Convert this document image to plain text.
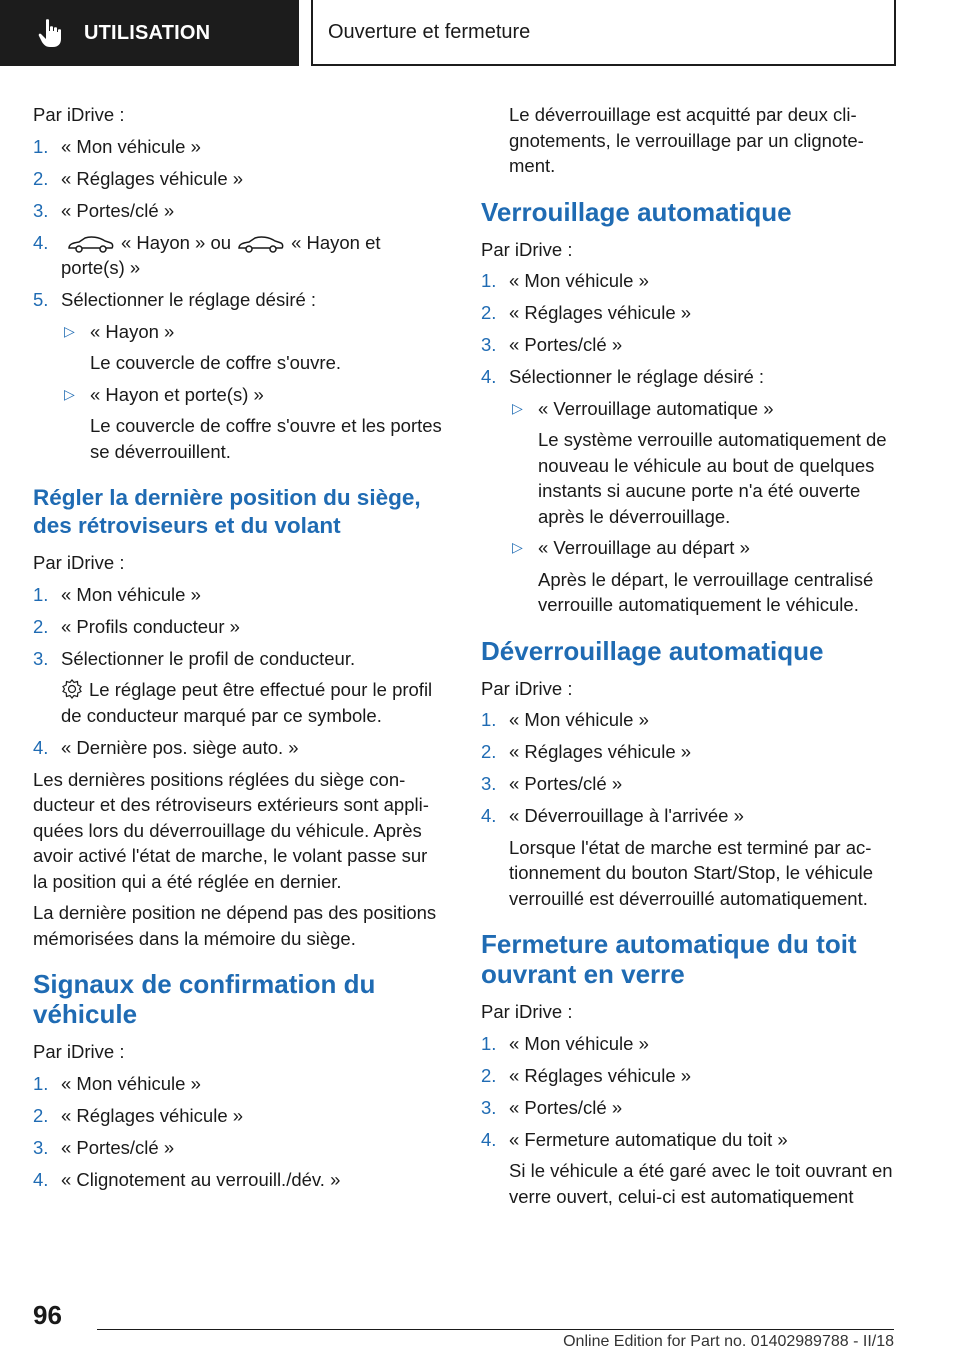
UTILISATION	Ouverture et fermeture

Par iDrive :

1. « Mon véhicule »
2. « Réglages véhicule »
3. « Portes/clé »
4.	« Hayon » ou	« Hayon et porte(s) »
5. Sélectionner le réglage désiré :
▷ « Hayon »
Le couvercle de coffre s'ouvre.
▷ « Hayon et porte(s) »
Le couvercle de coffre s'ouvre et les portes se déverrouillent.
Régler la dernière position du siège, des rétroviseurs et du volant

Par iDrive :

1. « Mon véhicule »
2. « Profils conducteur »
3. Sélectionner le profil de conducteur.
Le réglage peut être effectué pour le profil de conducteur marqué par ce symbole.
4. « Dernière pos. siège auto. »

Les dernières positions réglées du siège conducteur et des rétroviseurs extérieurs sont appliquées lors du déverrouillage du véhicule. Après avoir activé l'état de marche, le volant passe sur la position qui a été réglée en dernier.

La dernière position ne dépend pas des positions mémorisées dans la mémoire du siège.

Signaux de confirmation du véhicule

Par iDrive :

1. « Mon véhicule »
2. « Réglages véhicule »
3. « Portes/clé »
4. « Clignotement au verrouill./dév. »

Le déverrouillage est acquitté par deux clignotements, le verrouillage par un clignotement.

Verrouillage automatique

Par iDrive :

1. « Mon véhicule »
2. « Réglages véhicule »
3. « Portes/clé »
4. Sélectionner le réglage désiré :
▷ « Verrouillage automatique »
Le système verrouille automatiquement de nouveau le véhicule au bout de quelques instants si aucune porte n'a été ouverte après le déverrouillage.
▷ « Verrouillage au départ »
Après le départ, le verrouillage centralisé verrouille automatiquement le véhicule.
Déverrouillage automatique

Par iDrive :

1. « Mon véhicule »
2. « Réglages véhicule »
3. « Portes/clé »
4. « Déverrouillage à l'arrivée »
Lorsque l'état de marche est terminé par actionnement du bouton Start/Stop, le véhicule verrouillé est déverrouillé automatiquement.
Fermeture automatique du toit ouvrant en verre

Par iDrive :

1. « Mon véhicule »
2. « Réglages véhicule »
3. « Portes/clé »
4. « Fermeture automatique du toit »
Si le véhicule a été garé avec le toit ouvrant en verre ouvert, celui-ci est automatiquement
96
Online Edition for Part no. 01402989788 - II/18
